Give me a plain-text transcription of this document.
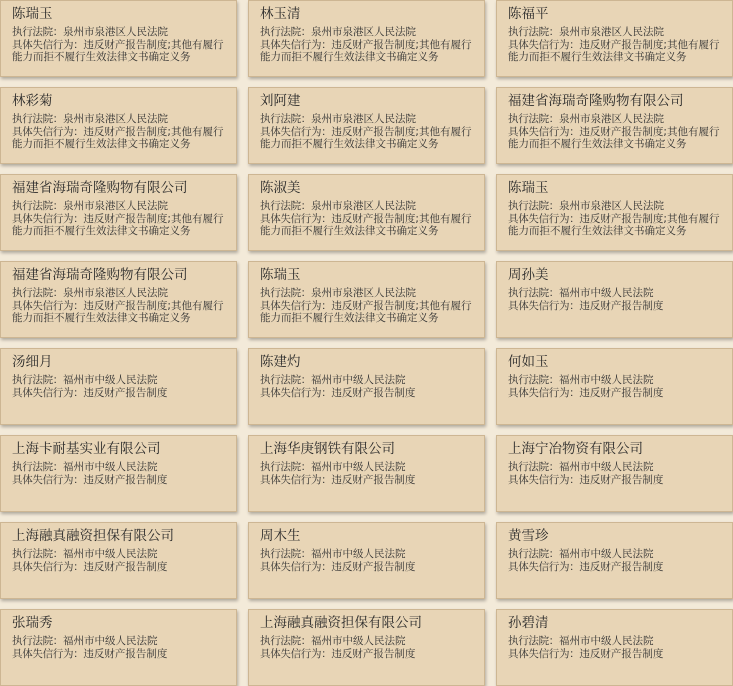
陈瑞玉
执行法院：泉州市泉港区人民法院
具体失信行为：违反财产报告制度;其他有履行能力而拒不履行生效法律文书确定义务
林玉清
执行法院：泉州市泉港区人民法院
具体失信行为：违反财产报告制度;其他有履行能力而拒不履行生效法律文书确定义务
陈福平
执行法院：泉州市泉港区人民法院
具体失信行为：违反财产报告制度;其他有履行能力而拒不履行生效法律文书确定义务
林彩菊
执行法院：泉州市泉港区人民法院
具体失信行为：违反财产报告制度;其他有履行能力而拒不履行生效法律文书确定义务
刘阿建
执行法院：泉州市泉港区人民法院
具体失信行为：违反财产报告制度;其他有履行能力而拒不履行生效法律文书确定义务
福建省海瑞奇隆购物有限公司
执行法院：泉州市泉港区人民法院
具体失信行为：违反财产报告制度;其他有履行能力而拒不履行生效法律文书确定义务
福建省海瑞奇隆购物有限公司
执行法院：泉州市泉港区人民法院
具体失信行为：违反财产报告制度;其他有履行能力而拒不履行生效法律文书确定义务
陈淑美
执行法院：泉州市泉港区人民法院
具体失信行为：违反财产报告制度;其他有履行能力而拒不履行生效法律文书确定义务
陈瑞玉
执行法院：泉州市泉港区人民法院
具体失信行为：违反财产报告制度;其他有履行能力而拒不履行生效法律文书确定义务
福建省海瑞奇隆购物有限公司
执行法院：泉州市泉港区人民法院
具体失信行为：违反财产报告制度;其他有履行能力而拒不履行生效法律文书确定义务
陈瑞玉
执行法院：泉州市泉港区人民法院
具体失信行为：违反财产报告制度;其他有履行能力而拒不履行生效法律文书确定义务
周孙美
执行法院：福州市中级人民法院
具体失信行为：违反财产报告制度
汤细月
执行法院：福州市中级人民法院
具体失信行为：违反财产报告制度
陈建灼
执行法院：福州市中级人民法院
具体失信行为：违反财产报告制度
何如玉
执行法院：福州市中级人民法院
具体失信行为：违反财产报告制度
上海卡耐基实业有限公司
执行法院：福州市中级人民法院
具体失信行为：违反财产报告制度
上海华庚钢铁有限公司
执行法院：福州市中级人民法院
具体失信行为：违反财产报告制度
上海宁冶物资有限公司
执行法院：福州市中级人民法院
具体失信行为：违反财产报告制度
上海融真融资担保有限公司
执行法院：福州市中级人民法院
具体失信行为：违反财产报告制度
周木生
执行法院：福州市中级人民法院
具体失信行为：违反财产报告制度
黄雪珍
执行法院：福州市中级人民法院
具体失信行为：违反财产报告制度
张瑞秀
执行法院：福州市中级人民法院
具体失信行为：违反财产报告制度
上海融真融资担保有限公司
执行法院：福州市中级人民法院
具体失信行为：违反财产报告制度
孙碧清
执行法院：福州市中级人民法院
具体失信行为：违反财产报告制度
